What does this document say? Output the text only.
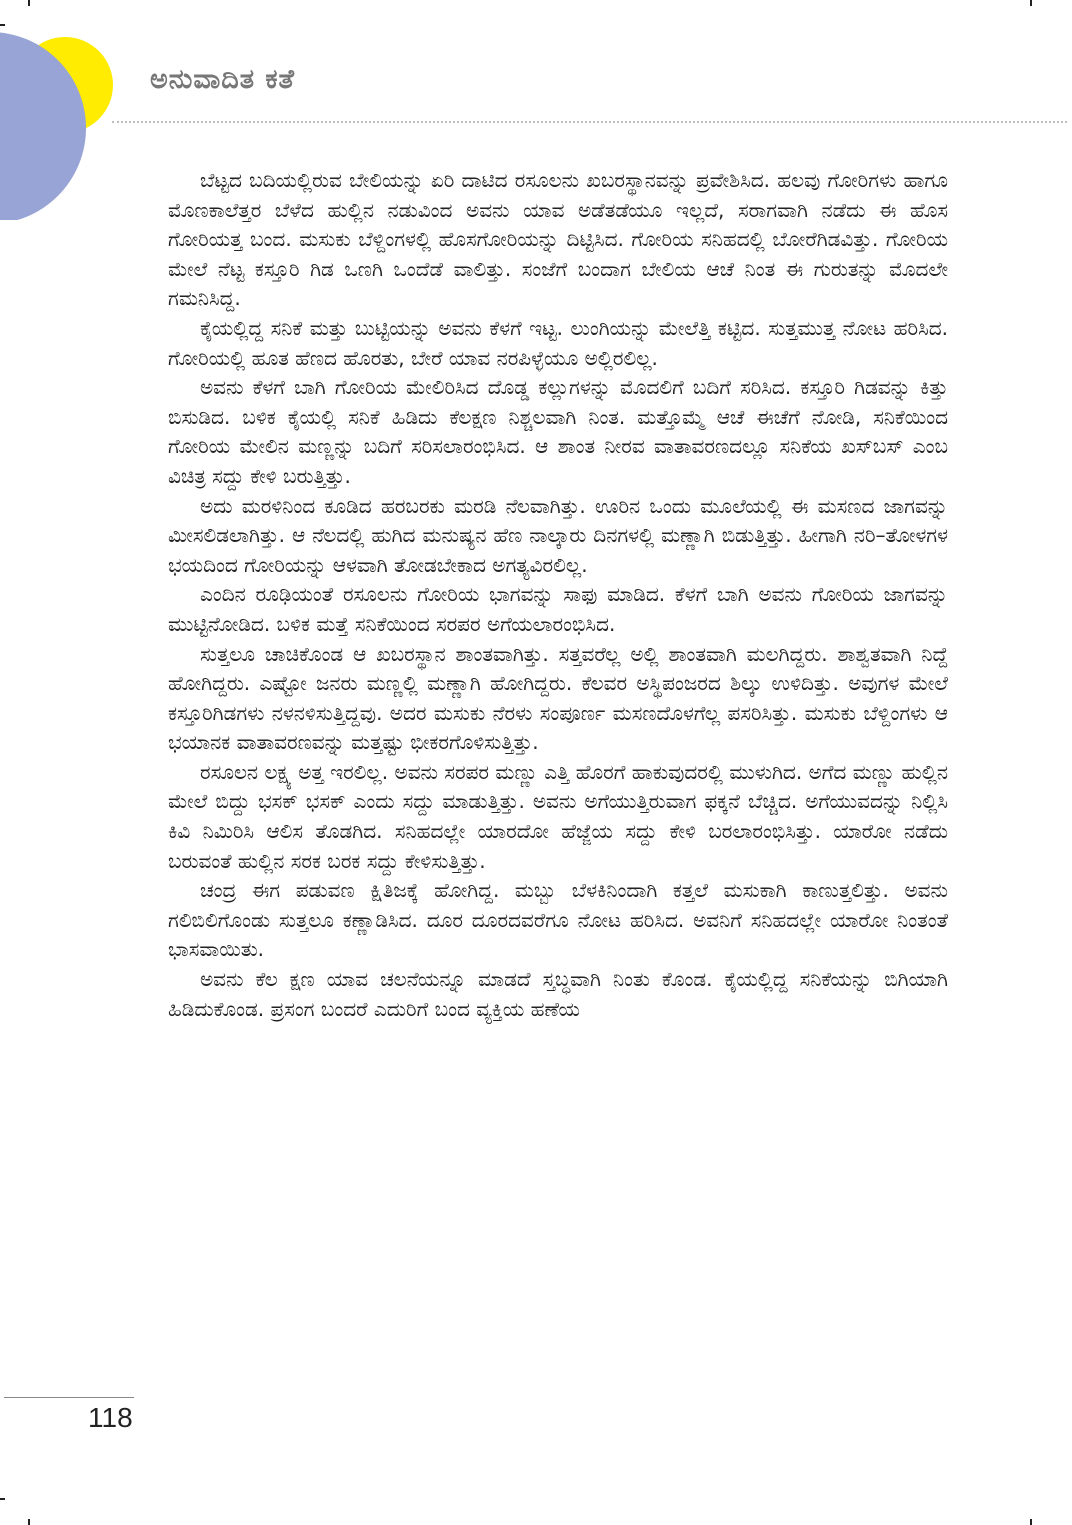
ಅನುವಾದಿತ ಕತೆ

ಬೆಟ್ಟದ ಬದಿಯಲ್ಲಿರುವ ಬೇಲಿಯನ್ನು ಏರಿ ದಾಟಿದ ರಸೂಲನು ಖಬರಸ್ಥಾನವನ್ನು ಪ್ರವೇಶಿಸಿದ. ಹಲವು ಗೋರಿಗಳು ಹಾಗೂ ಮೊಣಕಾಲೆತ್ತರ ಬೆಳೆದ ಹುಲ್ಲಿನ ನಡುವಿಂದ ಅವನು ಯಾವ ಅಡೆತಡೆಯೂ ಇಲ್ಲದೆ, ಸರಾಗವಾಗಿ ನಡೆದು ಈ ಹೊಸ ಗೋರಿಯತ್ತ ಬಂದ. ಮಸುಕು ಬೆಳ್ದಿಂಗಳಲ್ಲಿ ಹೊಸಗೋರಿಯನ್ನು ದಿಟ್ಟಿಸಿದ. ಗೋರಿಯ ಸನಿಹದಲ್ಲಿ ಬೋರೆಗಿಡವಿತ್ತು. ಗೋರಿಯ ಮೇಲೆ ನೆಟ್ಟ ಕಸ್ತೂರಿ ಗಿಡ ಒಣಗಿ ಒಂದೆಡೆ ವಾಲಿತ್ತು. ಸಂಜೆಗೆ ಬಂದಾಗ ಬೇಲಿಯ ಆಚೆ ನಿಂತ ಈ ಗುರುತನ್ನು ಮೊದಲೇ ಗಮನಿಸಿದ್ದ.

ಕೈಯಲ್ಲಿದ್ದ ಸನಿಕೆ ಮತ್ತು ಬುಟ್ಟಿಯನ್ನು ಅವನು ಕೆಳಗೆ ಇಟ್ಟ. ಲುಂಗಿಯನ್ನು ಮೇಲೆತ್ತಿ ಕಟ್ಟಿದ. ಸುತ್ತಮುತ್ತ ನೋಟ ಹರಿಸಿದ. ಗೋರಿಯಲ್ಲಿ ಹೂತ ಹೆಣದ ಹೊರತು, ಬೇರೆ ಯಾವ ನರಪಿಳ್ಳೆಯೂ ಅಲ್ಲಿರಲಿಲ್ಲ.

ಅವನು ಕೆಳಗೆ ಬಾಗಿ ಗೋರಿಯ ಮೇಲಿರಿಸಿದ ದೊಡ್ಡ ಕಲ್ಲುಗಳನ್ನು ಮೊದಲಿಗೆ ಬದಿಗೆ ಸರಿಸಿದ. ಕಸ್ತೂರಿ ಗಿಡವನ್ನು ಕಿತ್ತು ಬಿಸುಡಿದ. ಬಳಿಕ ಕೈಯಲ್ಲಿ ಸನಿಕೆ ಹಿಡಿದು ಕೆಲಕ್ಷಣ ನಿಶ್ಚಲವಾಗಿ ನಿಂತ. ಮತ್ತೊಮ್ಮೆ ಆಚೆ ಈಚೆಗೆ ನೋಡಿ, ಸನಿಕೆಯಿಂದ ಗೋರಿಯ ಮೇಲಿನ ಮಣ್ಣನ್ನು ಬದಿಗೆ ಸರಿಸಲಾರಂಭಿಸಿದ. ಆ ಶಾಂತ ನೀರವ ವಾತಾವರಣದಲ್ಲೂ ಸನಿಕೆಯ ಖಸ್‌ಬಸ್ ಎಂಬ ವಿಚಿತ್ರ ಸದ್ದು ಕೇಳಿ ಬರುತ್ತಿತ್ತು.

ಅದು ಮರಳಿನಿಂದ ಕೂಡಿದ ಹರಬರಕು ಮರಡಿ ನೆಲವಾಗಿತ್ತು. ಊರಿನ ಒಂದು ಮೂಲೆಯಲ್ಲಿ ಈ ಮಸಣದ ಜಾಗವನ್ನು ಮೀಸಲಿಡಲಾಗಿತ್ತು. ಆ ನೆಲದಲ್ಲಿ ಹುಗಿದ ಮನುಷ್ಯನ ಹೆಣ ನಾಲ್ಕಾರು ದಿನಗಳಲ್ಲಿ ಮಣ್ಣಾಗಿ ಬಿಡುತ್ತಿತ್ತು. ಹೀಗಾಗಿ ನರಿ–ತೋಳಗಳ ಭಯದಿಂದ ಗೋರಿಯನ್ನು ಆಳವಾಗಿ ತೋಡಬೇಕಾದ ಅಗತ್ಯವಿರಲಿಲ್ಲ.

ಎಂದಿನ ರೂಢಿಯಂತೆ ರಸೂಲನು ಗೋರಿಯ ಭಾಗವನ್ನು ಸಾಫು ಮಾಡಿದ. ಕೆಳಗೆ ಬಾಗಿ ಅವನು ಗೋರಿಯ ಜಾಗವನ್ನು ಮುಟ್ಟಿನೋಡಿದ. ಬಳಿಕ ಮತ್ತೆ ಸನಿಕೆಯಿಂದ ಸರಪರ ಅಗೆಯಲಾರಂಭಿಸಿದ.

ಸುತ್ತಲೂ ಚಾಚಿಕೊಂಡ ಆ ಖಬರಸ್ಥಾನ ಶಾಂತವಾಗಿತ್ತು. ಸತ್ತವರೆಲ್ಲ ಅಲ್ಲಿ ಶಾಂತವಾಗಿ ಮಲಗಿದ್ದರು. ಶಾಶ್ವತವಾಗಿ ನಿದ್ದೆ ಹೋಗಿದ್ದರು. ಎಷ್ಟೋ ಜನರು ಮಣ್ಣಲ್ಲಿ ಮಣ್ಣಾಗಿ ಹೋಗಿದ್ದರು. ಕೆಲವರ ಅಸ್ಥಿಪಂಜರದ ಶಿಲ್ಕು ಉಳಿದಿತ್ತು. ಅವುಗಳ ಮೇಲೆ ಕಸ್ತೂರಿಗಿಡಗಳು ನಳನಳಿಸುತ್ತಿದ್ದವು. ಅದರ ಮಸುಕು ನೆರಳು ಸಂಪೂರ್ಣ ಮಸಣದೊಳಗೆಲ್ಲ ಪಸರಿಸಿತ್ತು. ಮಸುಕು ಬೆಳ್ದಿಂಗಳು ಆ ಭಯಾನಕ ವಾತಾವರಣವನ್ನು ಮತ್ತಷ್ಟು ಭೀಕರಗೊಳಿಸುತ್ತಿತ್ತು.

ರಸೂಲನ ಲಕ್ಷ್ಯ ಅತ್ತ ಇರಲಿಲ್ಲ. ಅವನು ಸರಪರ ಮಣ್ಣು ಎತ್ತಿ ಹೊರಗೆ ಹಾಕುವುದರಲ್ಲಿ ಮುಳುಗಿದ. ಅಗೆದ ಮಣ್ಣು ಹುಲ್ಲಿನ ಮೇಲೆ ಬಿದ್ದು ಭಸಕ್ ಭಸಕ್ ಎಂದು ಸದ್ದು ಮಾಡುತ್ತಿತ್ತು. ಅವನು ಅಗೆಯುತ್ತಿರುವಾಗ ಫಕ್ಕನೆ ಬೆಚ್ಚಿದ. ಅಗೆಯುವದನ್ನು ನಿಲ್ಲಿಸಿ ಕಿವಿ ನಿಮಿರಿಸಿ ಆಲಿಸ ತೊಡಗಿದ. ಸನಿಹದಲ್ಲೇ ಯಾರದೋ ಹೆಜ್ಜೆಯ ಸದ್ದು ಕೇಳಿ ಬರಲಾರಂಭಿಸಿತ್ತು. ಯಾರೋ ನಡೆದು ಬರುವಂತೆ ಹುಲ್ಲಿನ ಸರಕ ಬರಕ ಸದ್ದು ಕೇಳಿಸುತ್ತಿತ್ತು.

ಚಂದ್ರ ಈಗ ಪಡುವಣ ಕ್ಷಿತಿಜಕ್ಕೆ ಹೋಗಿದ್ದ. ಮಬ್ಬು ಬೆಳಕಿನಿಂದಾಗಿ ಕತ್ತಲೆ ಮಸುಕಾಗಿ ಕಾಣುತ್ತಲಿತ್ತು. ಅವನು ಗಲಿಬಿಲಿಗೊಂಡು ಸುತ್ತಲೂ ಕಣ್ಣಾಡಿಸಿದ. ದೂರ ದೂರದವರೆಗೂ ನೋಟ ಹರಿಸಿದ. ಅವನಿಗೆ ಸನಿಹದಲ್ಲೇ ಯಾರೋ ನಿಂತಂತೆ ಭಾಸವಾಯಿತು.

ಅವನು ಕೆಲ ಕ್ಷಣ ಯಾವ ಚಲನೆಯನ್ನೂ ಮಾಡದೆ ಸ್ತಬ್ಧವಾಗಿ ನಿಂತು ಕೊಂಡ. ಕೈಯಲ್ಲಿದ್ದ ಸನಿಕೆಯನ್ನು ಬಿಗಿಯಾಗಿ ಹಿಡಿದುಕೊಂಡ. ಪ್ರಸಂಗ ಬಂದರೆ ಎದುರಿಗೆ ಬಂದ ವ್ಯಕ್ತಿಯ ಹಣೆಯ

118
